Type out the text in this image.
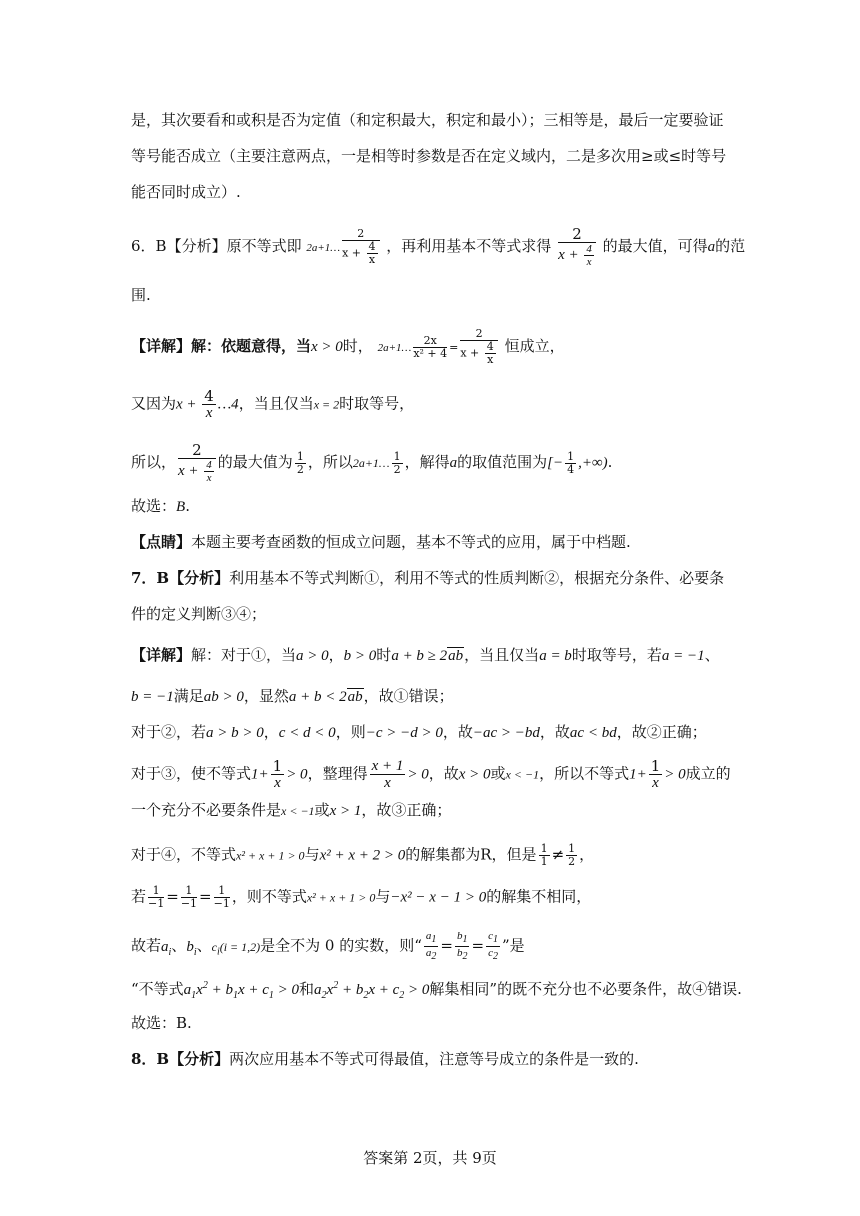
是，其次要看和或积是否为定值（和定积最大，积定和最小）；三相等是，最后一定要验证
等号能否成立（主要注意两点，一是相等时参数是否在定义域内，二是多次用≥或≤时等号
能否同时成立）.
6．B【分析】原不等式即 2a+1… $\frac{2}{x + \frac{4}{x}}$ ，再利用基本不等式求得 $\frac{2}{x + \frac{4}{x}}$ 的最大值，可得a的范
围.
【详解】解：依题意得，当x > 0时， 2a+1… $\frac{2x}{\text{x² + 4}} = \frac{2}{x + \frac{4}{x}}$ 恒成立，
又因为$x + \frac{4}{x}$ …4，当且仅当x = 2时取等号，
所以， $\frac{2}{x + \frac{4}{x}}$ 的最大值为 $\frac{1}{2}$ ，所以2a+1… $\frac{1}{2}$ ，解得a的取值范围为[− $\frac{1}{4}$ ,+∞).
故选：B.
【点睛】本题主要考查函数的恒成立问题，基本不等式的应用，属于中档题.
7．B【分析】利用基本不等式判断①，利用不等式的性质判断②，根据充分条件、必要条
件的定义判断③④；
【详解】解：对于①，当a > 0，b > 0时a + b ≥ 2ab，当且仅当a = b时取等号，若a = −1、
b = −1满足ab > 0，显然a + b < 2ab，故①错误；
对于②，若a > b > 0，c < d < 0，则−c > −d > 0，故−ac > −bd，故ac < bd，故②正确；
对于③，使不等式$1+ \frac{1}{x} > 0$，整理得 $\frac{x + 1}{x} > 0$，故x > 0或x < −1，所以不等式$1+ \frac{1}{x} > 0$成立的
一个充分不必要条件是x < −1或x > 1，故③正确；
对于④，不等式x² + x + 1 > 0与x² + x + 2 > 0的解集都为R，但是 $\frac{1}{1} \ne \frac{1}{2}$ ，
若 $\frac{1}{-1} = \frac{1}{-1} = \frac{1}{-1}$ ，则不等式x² + x + 1 > 0与−x² − x − 1 > 0的解集不相同，
故若$a_i$、$b_i$、$c_i(i = 1,2)$是全不为 0 的实数，则“ $\frac{a1}{a2} = \frac{b1}{b2} = \frac{c1}{c2}$ ”是
“不等式$a_1x^2 + b_1x + c_1 > 0$和$a_2x^2 + b_2x + c_2 > 0$解集相同”的既不充分也不必要条件，故④错误.
故选：B.
8．B【分析】两次应用基本不等式可得最值，注意等号成立的条件是一致的.
答案第 2页，共 9页
